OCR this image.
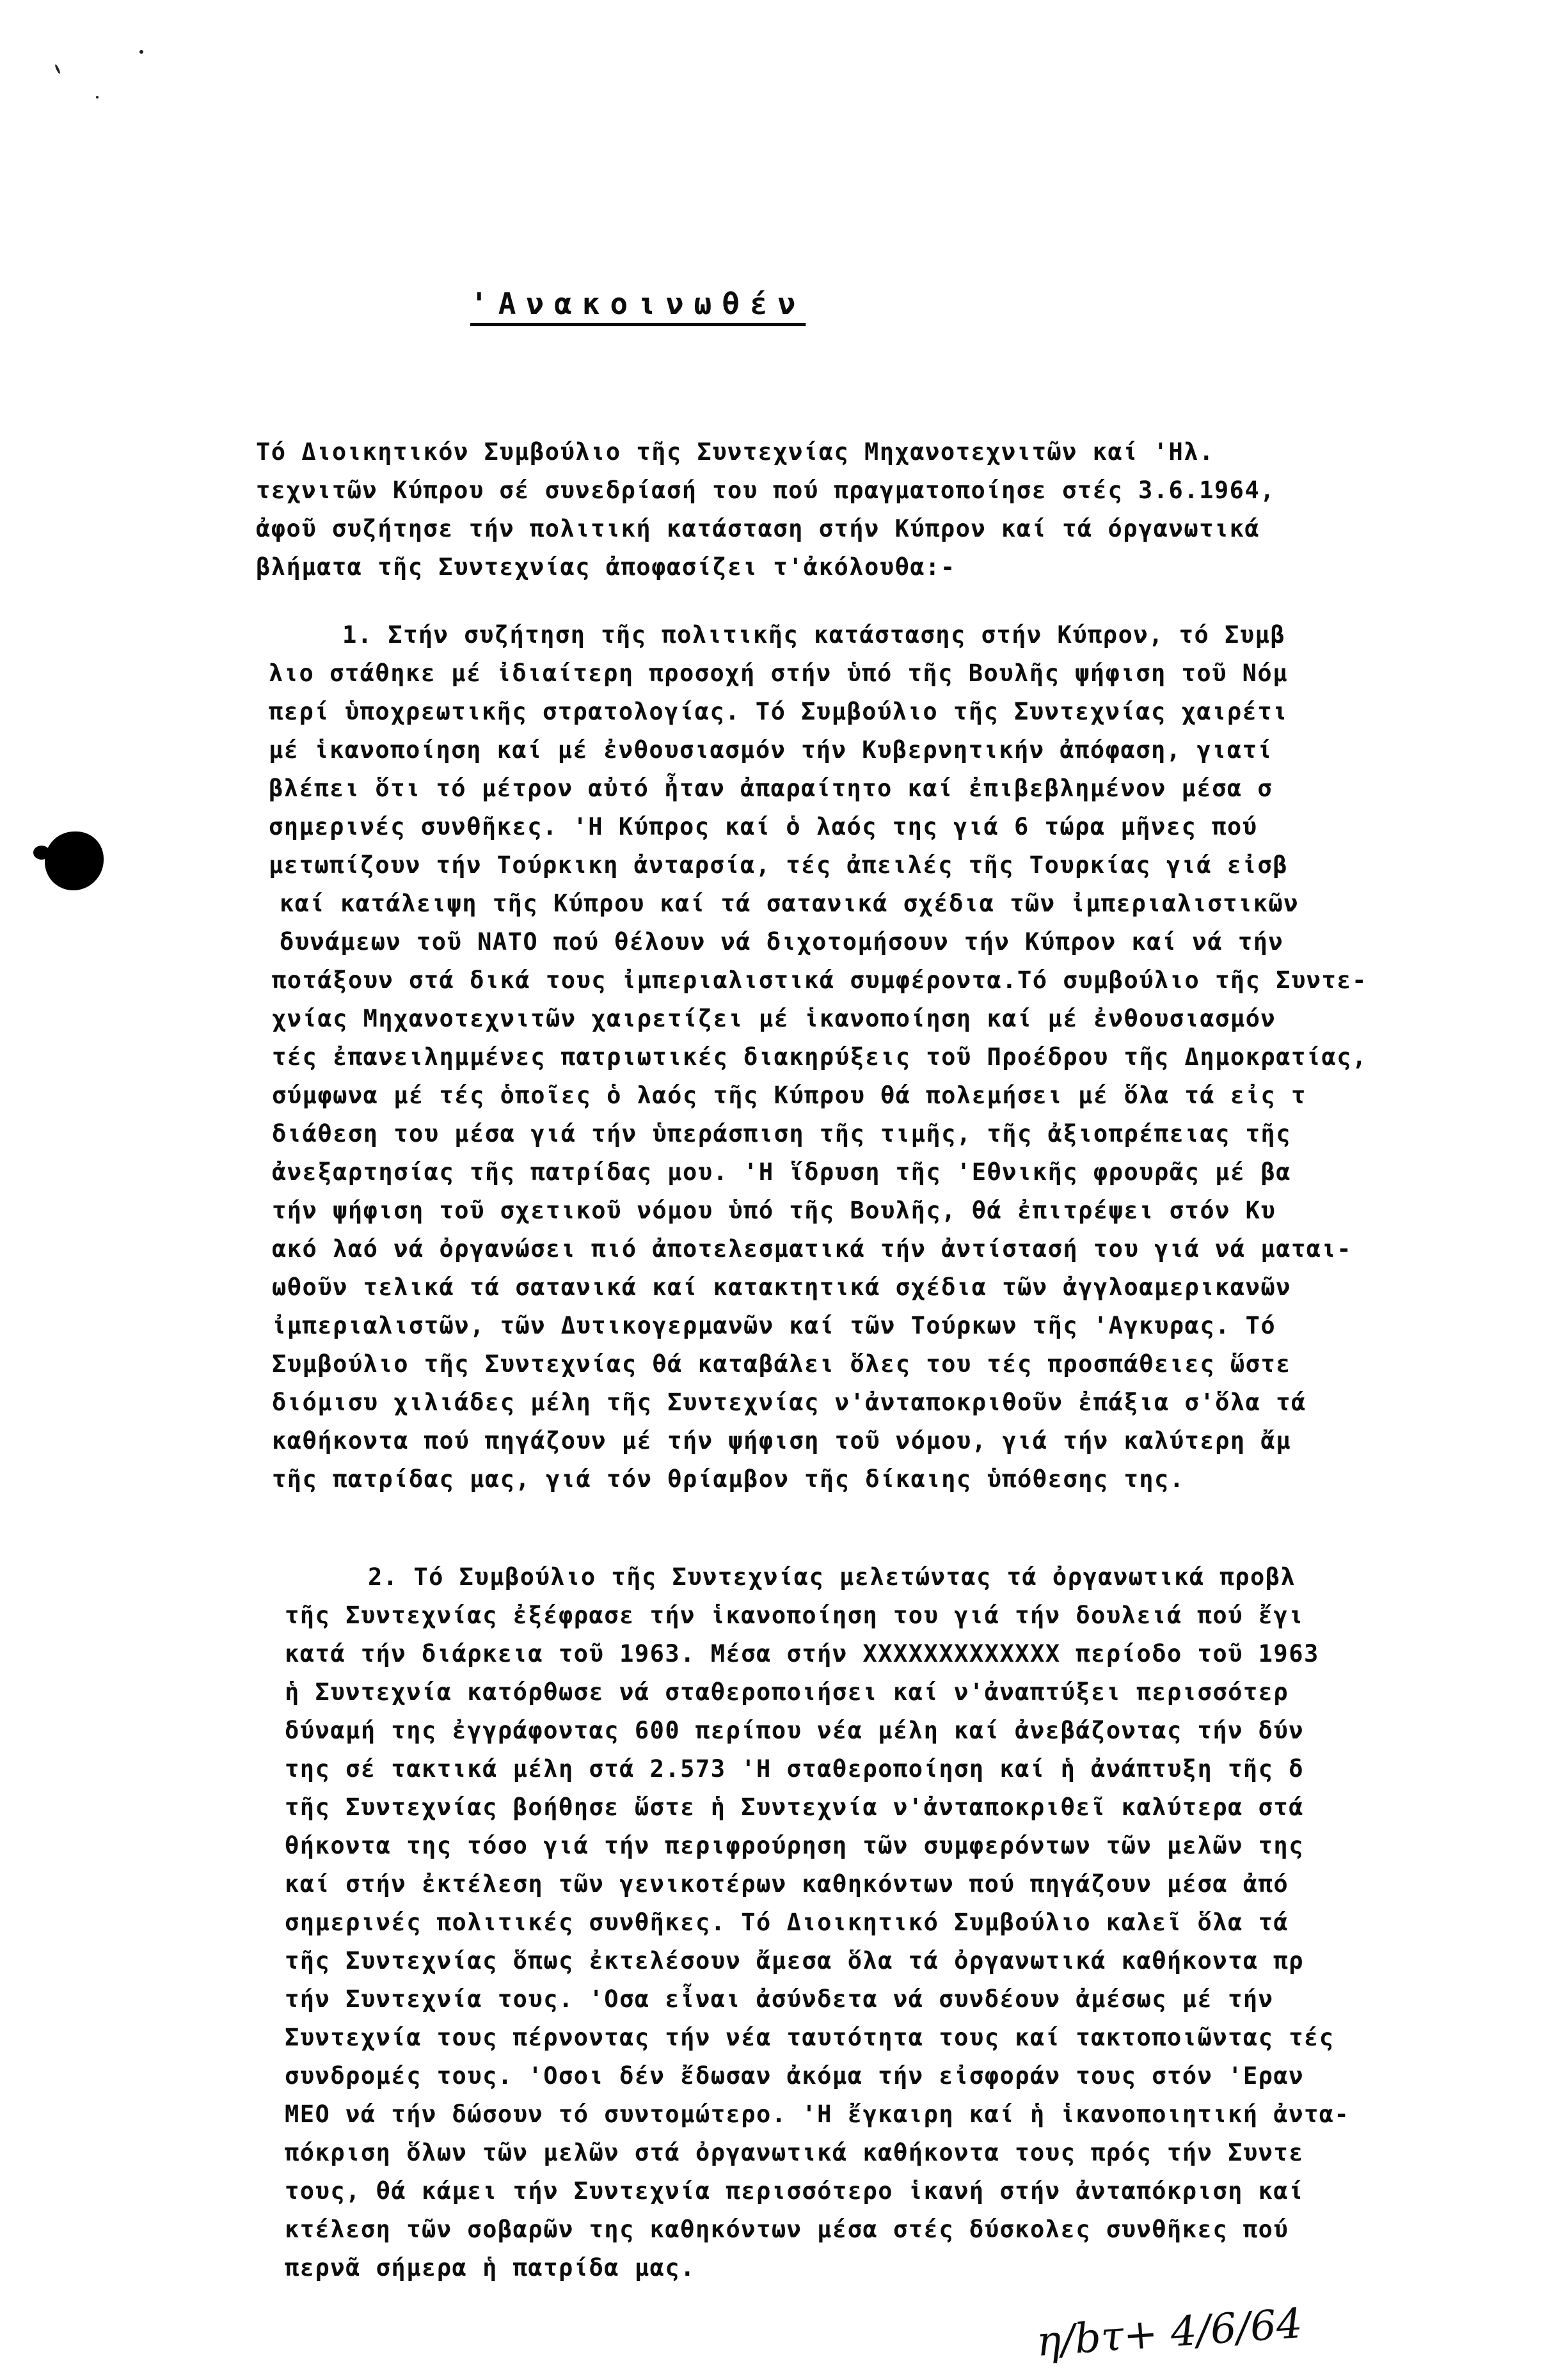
'Ανακοινωθέν
Τό Διοικητικόν Συμβούλιο τῆς Συντεχνίας Μηχανοτεχνιτῶν καί 'Ηλ.
τεχνιτῶν Κύπρου σέ συνεδρίασή του πού πραγματοποίησε στές 3.6.1964,
ἀφοῦ συζήτησε τήν πολιτική κατάσταση στήν Κύπρον καί τά όργανωτικά
βλήματα τῆς Συντεχνίας ἀποφασίζει τ'ἀκόλουθα:-
1. Στήν συζήτηση τῆς πολιτικῆς κατάστασης στήν Κύπρον, τό Συμβ
λιο στάθηκε μέ ἰδιαίτερη προσοχή στήν ὑπό τῆς Βουλῆς ψήφιση τοῦ Νόμ
περί ὑποχρεωτικῆς στρατολογίας. Τό Συμβούλιο τῆς Συντεχνίας χαιρέτι
μέ ἱκανοποίηση καί μέ ἐνθουσιασμόν τήν Κυβερνητικήν ἀπόφαση, γιατί
βλέπει ὅτι τό μέτρον αὐτό ἦταν ἀπαραίτητο καί ἐπιβεβλημένον μέσα σ
σημερινές συνθῆκες. 'Η Κύπρος καί ὁ λαός της γιά 6 τώρα μῆνες πού
μετωπίζουν τήν Τούρκικη ἀνταρσία, τές ἀπειλές τῆς Τουρκίας γιά εἰσβ
καί κατάλειψη τῆς Κύπρου καί τά σατανικά σχέδια τῶν ἰμπεριαλιστικῶν
δυνάμεων τοῦ ΝΑΤΟ πού θέλουν νά διχοτομήσουν τήν Κύπρον καί νά τήν
ποτάξουν στά δικά τους ἰμπεριαλιστικά συμφέροντα.Τό συμβούλιο τῆς Συντε-
χνίας Μηχανοτεχνιτῶν χαιρετίζει μέ ἱκανοποίηση καί μέ ἐνθουσιασμόν
τές ἐπανειλημμένες πατριωτικές διακηρύξεις τοῦ Προέδρου τῆς Δημοκρατίας,
σύμφωνα μέ τές ὁποῖες ὁ λαός τῆς Κύπρου θά πολεμήσει μέ ὅλα τά εἰς τ
διάθεση του μέσα γιά τήν ὑπεράσπιση τῆς τιμῆς, τῆς ἀξιοπρέπειας τῆς
ἀνεξαρτησίας τῆς πατρίδας μου. 'Η ἵδρυση τῆς 'Εθνικῆς φρουρᾶς μέ βα
τήν ψήφιση τοῦ σχετικοῦ νόμου ὑπό τῆς Βουλῆς, θά ἐπιτρέψει στόν Κυ
ακό λαό νά ὀργανώσει πιό ἀποτελεσματικά τήν ἀντίστασή του γιά νά μαται-
ωθοῦν τελικά τά σατανικά καί κατακτητικά σχέδια τῶν ἀγγλοαμερικανῶν
ἰμπεριαλιστῶν, τῶν Δυτικογερμανῶν καί τῶν Τούρκων τῆς 'Αγκυρας. Τό
Συμβούλιο τῆς Συντεχνίας θά καταβάλει ὅλες του τές προσπάθειες ὥστε
διόμισυ χιλιάδες μέλη τῆς Συντεχνίας ν'ἀνταποκριθοῦν ἐπάξια σ'ὅλα τά
καθήκοντα πού πηγάζουν μέ τήν ψήφιση τοῦ νόμου, γιά τήν καλύτερη ἄμ
τῆς πατρίδας μας, γιά τόν θρίαμβον τῆς δίκαιης ὑπόθεσης της.
2. Τό Συμβούλιο τῆς Συντεχνίας μελετώντας τά ὀργανωτικά προβλ
τῆς Συντεχνίας ἐξέφρασε τήν ἱκανοποίηση του γιά τήν δουλειά πού ἔγι
κατά τήν διάρκεια τοῦ 1963. Μέσα στήν ΧΧΧΧΧΧΧΧΧΧΧΧΧ περίοδο τοῦ 1963
ἡ Συντεχνία κατόρθωσε νά σταθεροποιήσει καί ν'ἀναπτύξει περισσότερ
δύναμή της ἐγγράφοντας 600 περίπου νέα μέλη καί ἀνεβάζοντας τήν δύν
της σέ τακτικά μέλη στά 2.573 'Η σταθεροποίηση καί ἡ ἀνάπτυξη τῆς δ
τῆς Συντεχνίας βοήθησε ὥστε ἡ Συντεχνία ν'ἀνταποκριθεῖ καλύτερα στά
θήκοντα της τόσο γιά τήν περιφρούρηση τῶν συμφερόντων τῶν μελῶν της
καί στήν ἐκτέλεση τῶν γενικοτέρων καθηκόντων πού πηγάζουν μέσα ἀπό
σημερινές πολιτικές συνθῆκες. Τό Διοικητικό Συμβούλιο καλεῖ ὅλα τά
τῆς Συντεχνίας ὅπως ἐκτελέσουν ἄμεσα ὅλα τά ὀργανωτικά καθήκοντα πρ
τήν Συντεχνία τους. 'Οσα εἶναι ἀσύνδετα νά συνδέουν ἀμέσως μέ τήν
Συντεχνία τους πέρνοντας τήν νέα ταυτότητα τους καί τακτοποιῶντας τές
συνδρομές τους. 'Οσοι δέν ἔδωσαν ἀκόμα τήν εἰσφοράν τους στόν 'Εραν
ΜΕΟ νά τήν δώσουν τό συντομώτερο. 'Η ἔγκαιρη καί ἡ ἱκανοποιητική ἀντα-
πόκριση ὅλων τῶν μελῶν στά ὀργανωτικά καθήκοντα τους πρός τήν Συντε
τους, θά κάμει τήν Συντεχνία περισσότερο ἱκανή στήν ἀνταπόκριση καί
κτέλεση τῶν σοβαρῶν της καθηκόντων μέσα στές δύσκολες συνθῆκες πού
περνᾶ σήμερα ἡ πατρίδα μας.
η/bτ+ 4/6/64
